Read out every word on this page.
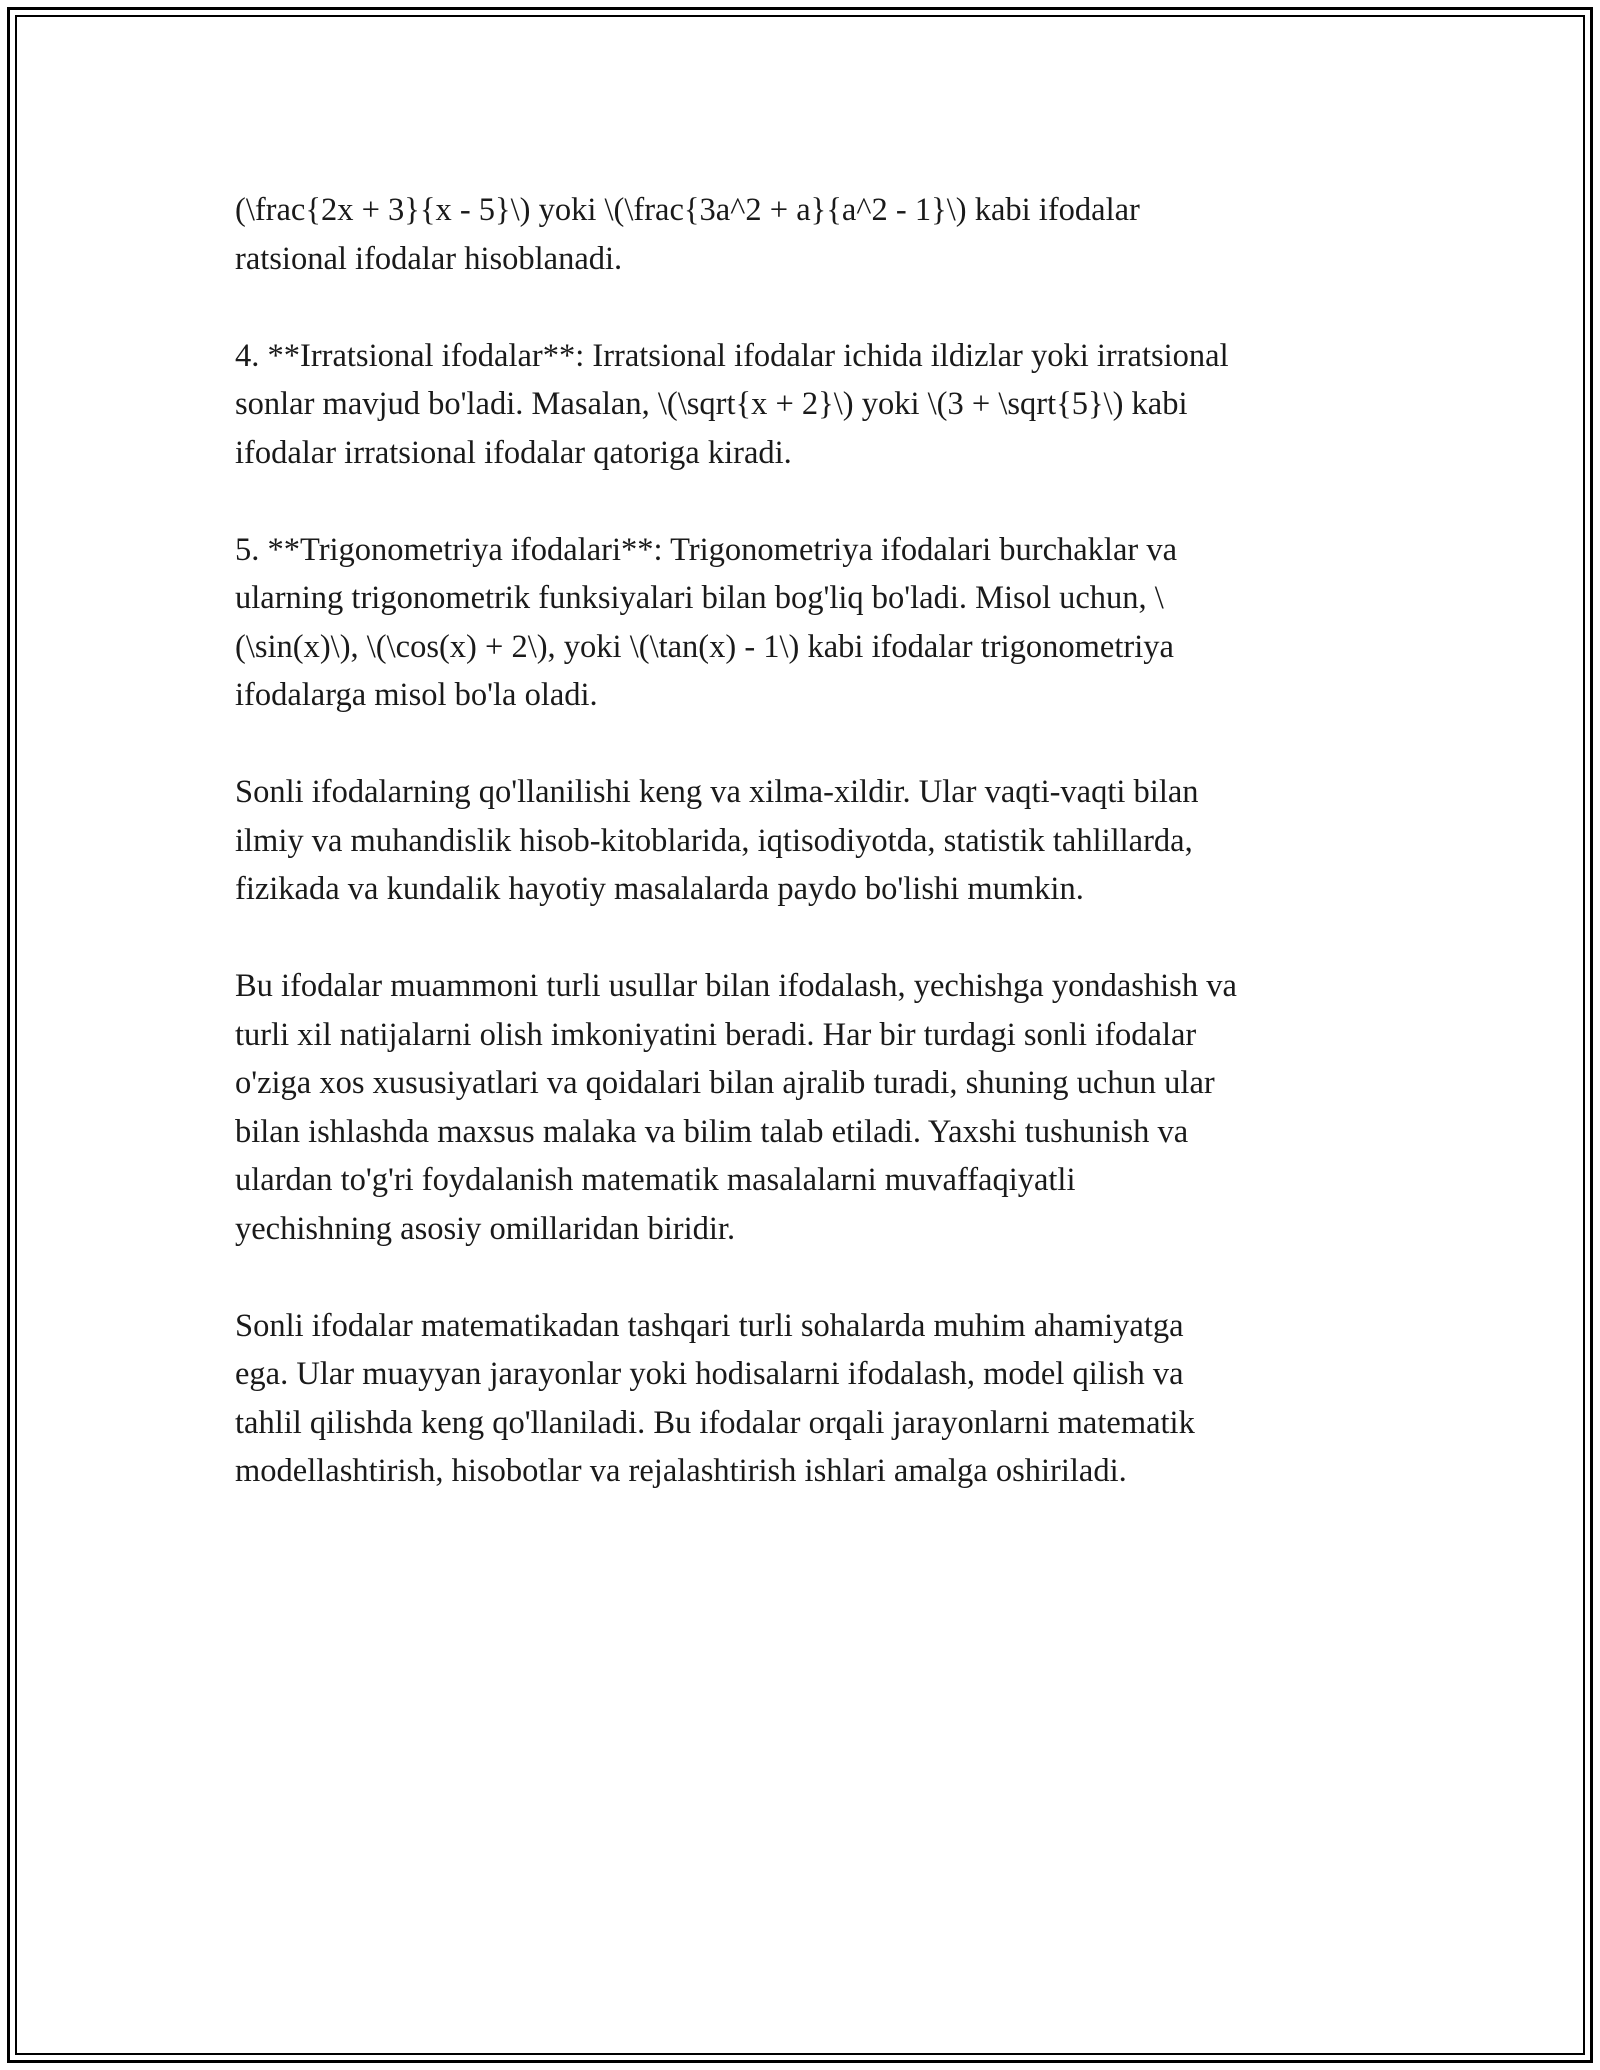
(\frac{2x + 3}{x - 5}\) yoki \(\frac{3a^2 + a}{a^2 - 1}\) kabi ifodalar
ratsional ifodalar hisoblanadi.

4. **Irratsional ifodalar**: Irratsional ifodalar ichida ildizlar yoki irratsional
sonlar mavjud bo'ladi. Masalan, \(\sqrt{x + 2}\) yoki \(3 + \sqrt{5}\) kabi
ifodalar irratsional ifodalar qatoriga kiradi.

5. **Trigonometriya ifodalari**: Trigonometriya ifodalari burchaklar va
ularning trigonometrik funksiyalari bilan bog'liq bo'ladi. Misol uchun, \
(\sin(x)\), \(\cos(x) + 2\), yoki \(\tan(x) - 1\) kabi ifodalar trigonometriya
ifodalarga misol bo'la oladi.

Sonli ifodalarning qo'llanilishi keng va xilma-xildir. Ular vaqti-vaqti bilan
ilmiy va muhandislik hisob-kitoblarida, iqtisodiyotda, statistik tahlillarda,
fizikada va kundalik hayotiy masalalarda paydo bo'lishi mumkin.

Bu ifodalar muammoni turli usullar bilan ifodalash, yechishga yondashish va
turli xil natijalarni olish imkoniyatini beradi. Har bir turdagi sonli ifodalar
o'ziga xos xususiyatlari va qoidalari bilan ajralib turadi, shuning uchun ular
bilan ishlashda maxsus malaka va bilim talab etiladi. Yaxshi tushunish va
ulardan to'g'ri foydalanish matematik masalalarni muvaffaqiyatli
yechishning asosiy omillaridan biridir.

Sonli ifodalar matematikadan tashqari turli sohalarda muhim ahamiyatga
ega. Ular muayyan jarayonlar yoki hodisalarni ifodalash, model qilish va
tahlil qilishda keng qo'llaniladi. Bu ifodalar orqali jarayonlarni matematik
modellashtirish, hisobotlar va rejalashtirish ishlari amalga oshiriladi.
